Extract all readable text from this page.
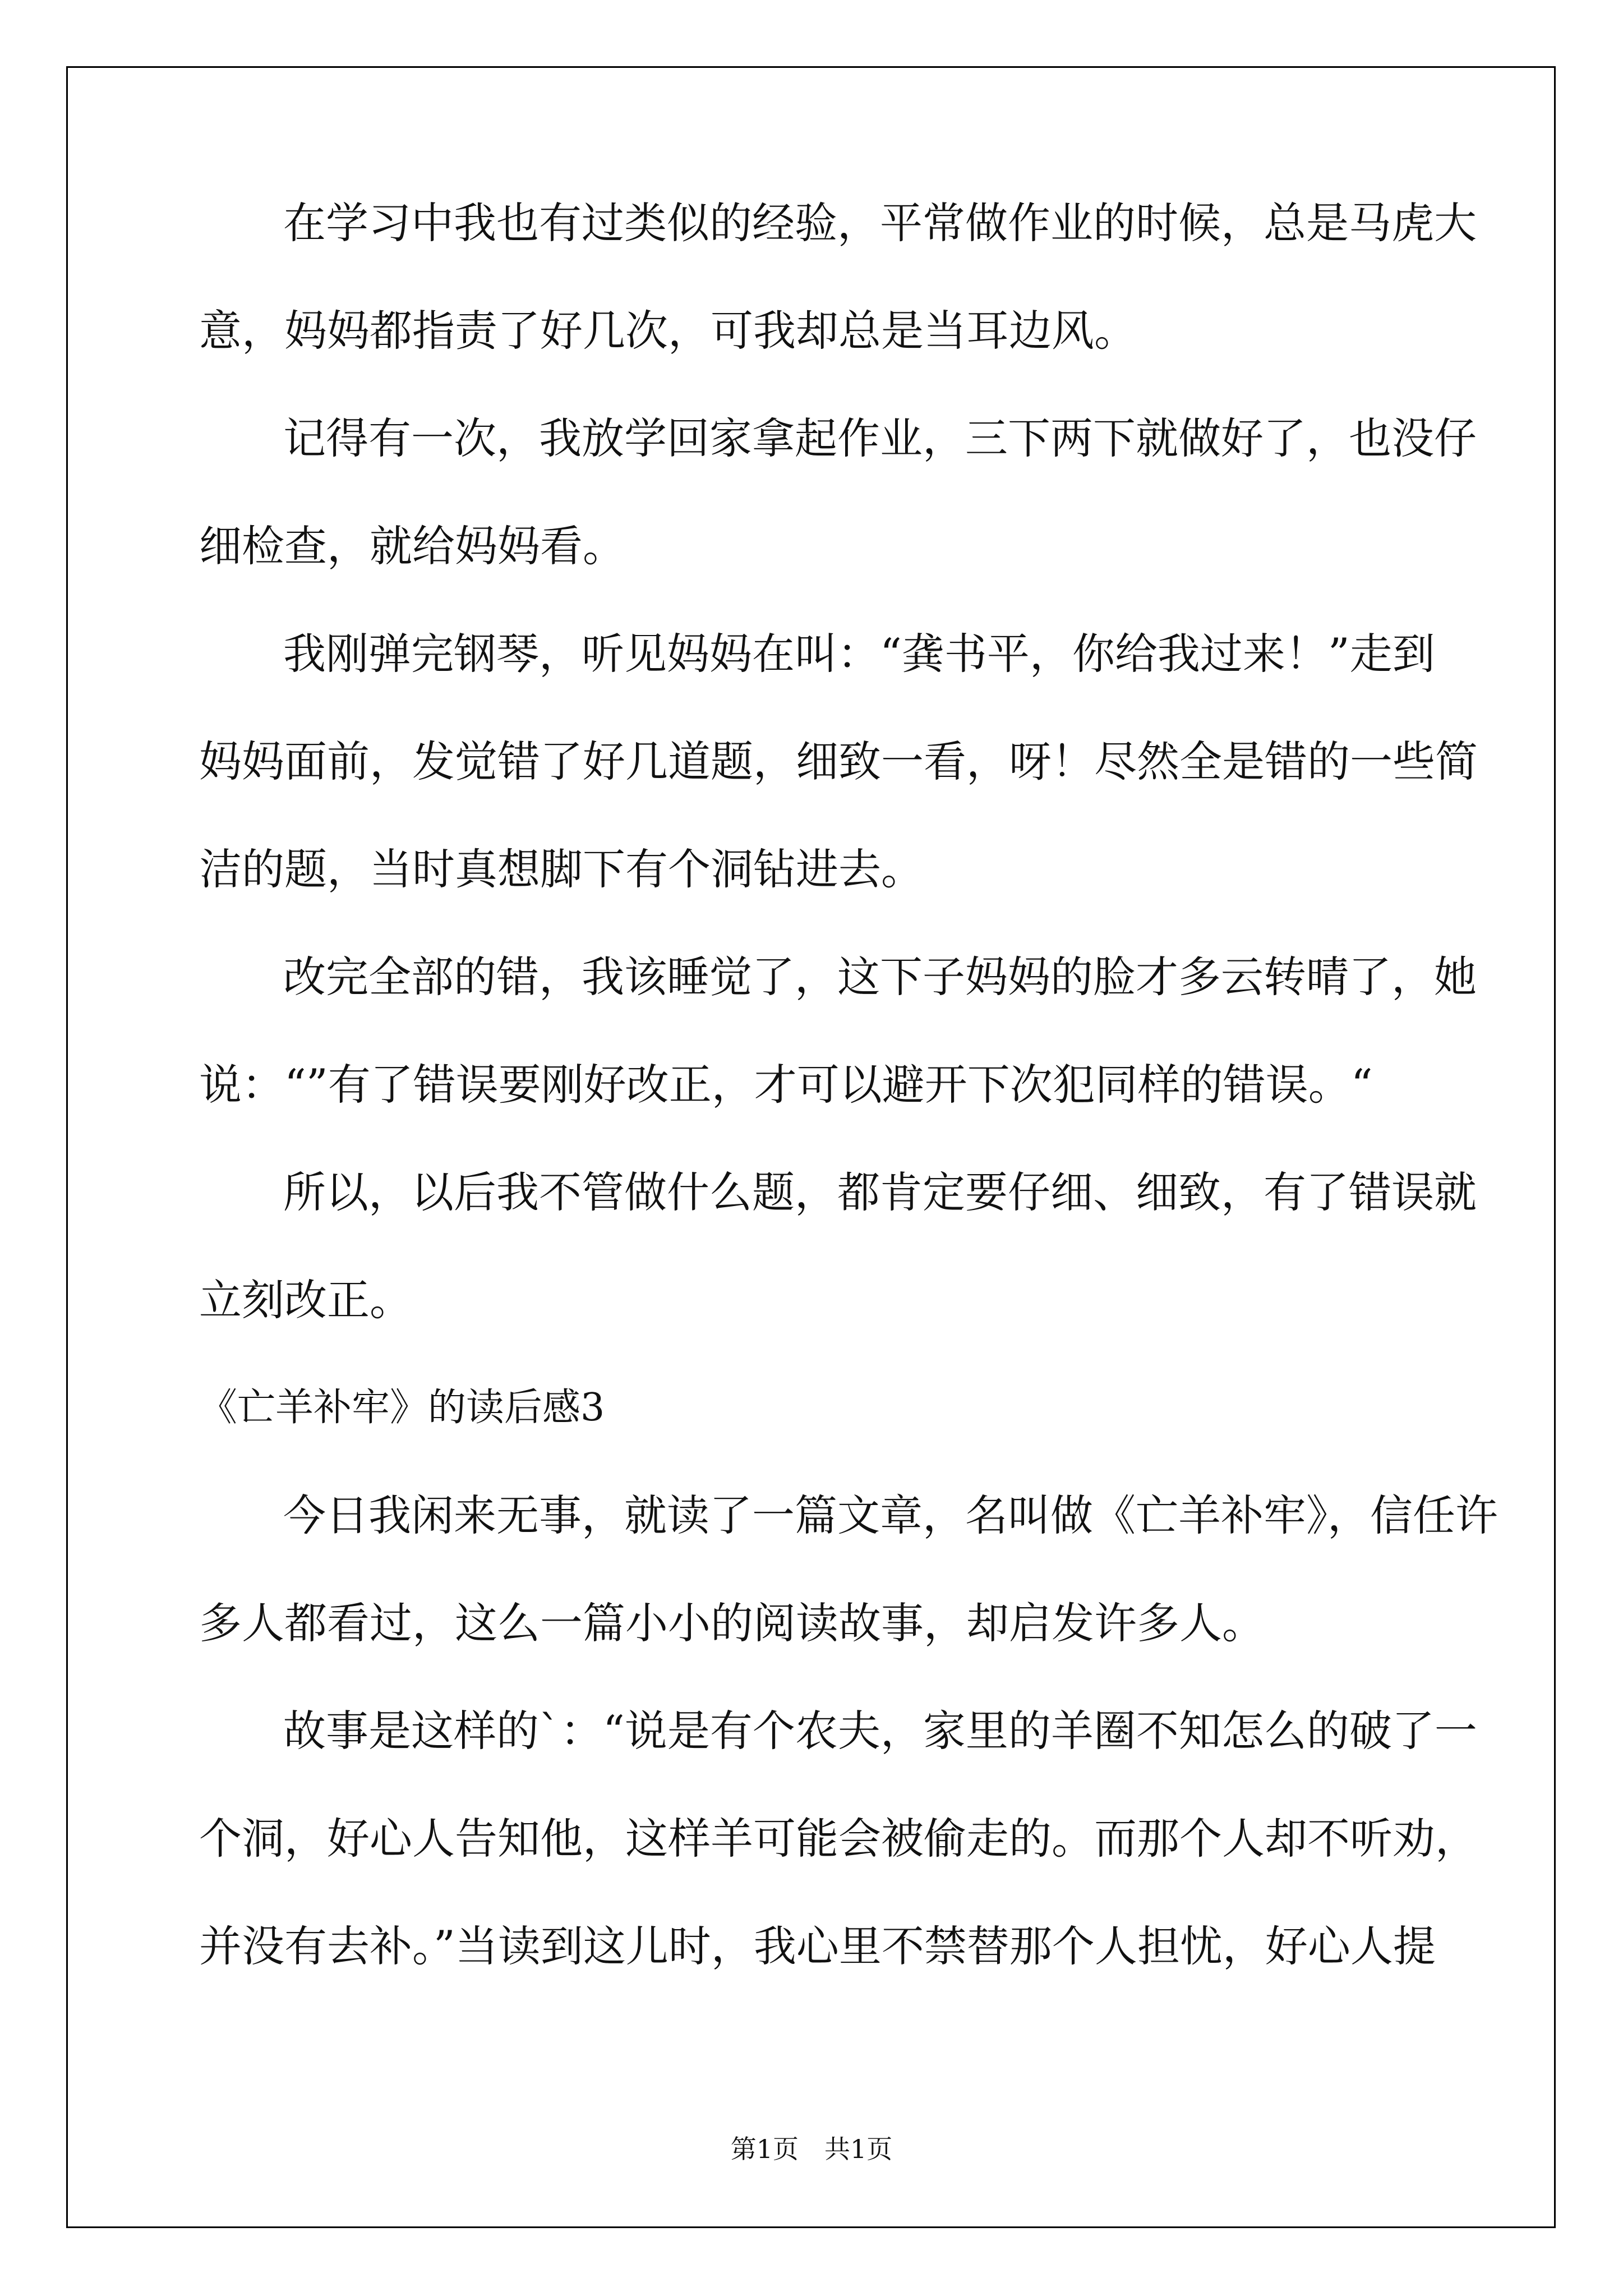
在学习中我也有过类似的经验，平常做作业的时候，总是马虎大
意，妈妈都指责了好几次，可我却总是当耳边风。
记得有一次，我放学回家拿起作业，三下两下就做好了，也没仔
细检查，就给妈妈看。
我刚弹完钢琴，听见妈妈在叫：“龚书平，你给我过来！”走到
妈妈面前，发觉错了好几道题，细致一看，呀！尽然全是错的一些简
洁的题，当时真想脚下有个洞钻进去。
改完全部的错，我该睡觉了，这下子妈妈的脸才多云转晴了，她
说：“”有了错误要刚好改正，才可以避开下次犯同样的错误。“
所以，以后我不管做什么题，都肯定要仔细、细致，有了错误就
立刻改正。
《亡羊补牢》的读后感3
今日我闲来无事，就读了一篇文章，名叫做《亡羊补牢》，信任许
多人都看过，这么一篇小小的阅读故事，却启发许多人。
故事是这样的`：“说是有个农夫，家里的羊圈不知怎么的破了一
个洞，好心人告知他，这样羊可能会被偷走的。而那个人却不听劝，
并没有去补。”当读到这儿时，我心里不禁替那个人担忧，好心人提
第1页　共1页
